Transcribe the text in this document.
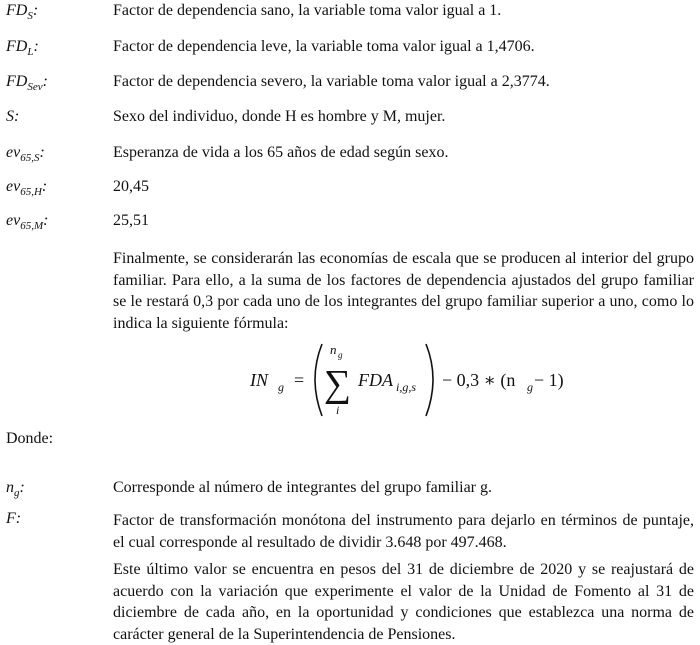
$FD_S$:	Factor de dependencia sano, la variable toma valor igual a 1.
$FD_L$:	Factor de dependencia leve, la variable toma valor igual a 1,4706.
$FD_{Sev}$:	Factor de dependencia severo, la variable toma valor igual a 2,3774.
S:	Sexo del individuo, donde H es hombre y M, mujer.
$ev_{65,S}$:	Esperanza de vida a los 65 años de edad según sexo.
$ev_{65,H}$:	20,45
$ev_{65,M}$:	25,51
Finalmente, se considerarán las economías de escala que se producen al interior del grupo familiar. Para ello, a la suma de los factores de dependencia ajustados del grupo familiar se le restará 0,3 por cada uno de los integrantes del grupo familiar superior a uno, como lo indica la siguiente fórmula:
IN g =
n g
∑
i
FDA i,g,s − 0,3 ∗ (n g − 1)
Donde:
$n_g$:	Corresponde al número de integrantes del grupo familiar g.
F:	Factor de transformación monótona del instrumento para dejarlo en términos de puntaje, el cual corresponde al resultado de dividir 3.648 por 497.468.
Este último valor se encuentra en pesos del 31 de diciembre de 2020 y se reajustará de acuerdo con la variación que experimente el valor de la Unidad de Fomento al 31 de diciembre de cada año, en la oportunidad y condiciones que establezca una norma de carácter general de la Superintendencia de Pensiones.
